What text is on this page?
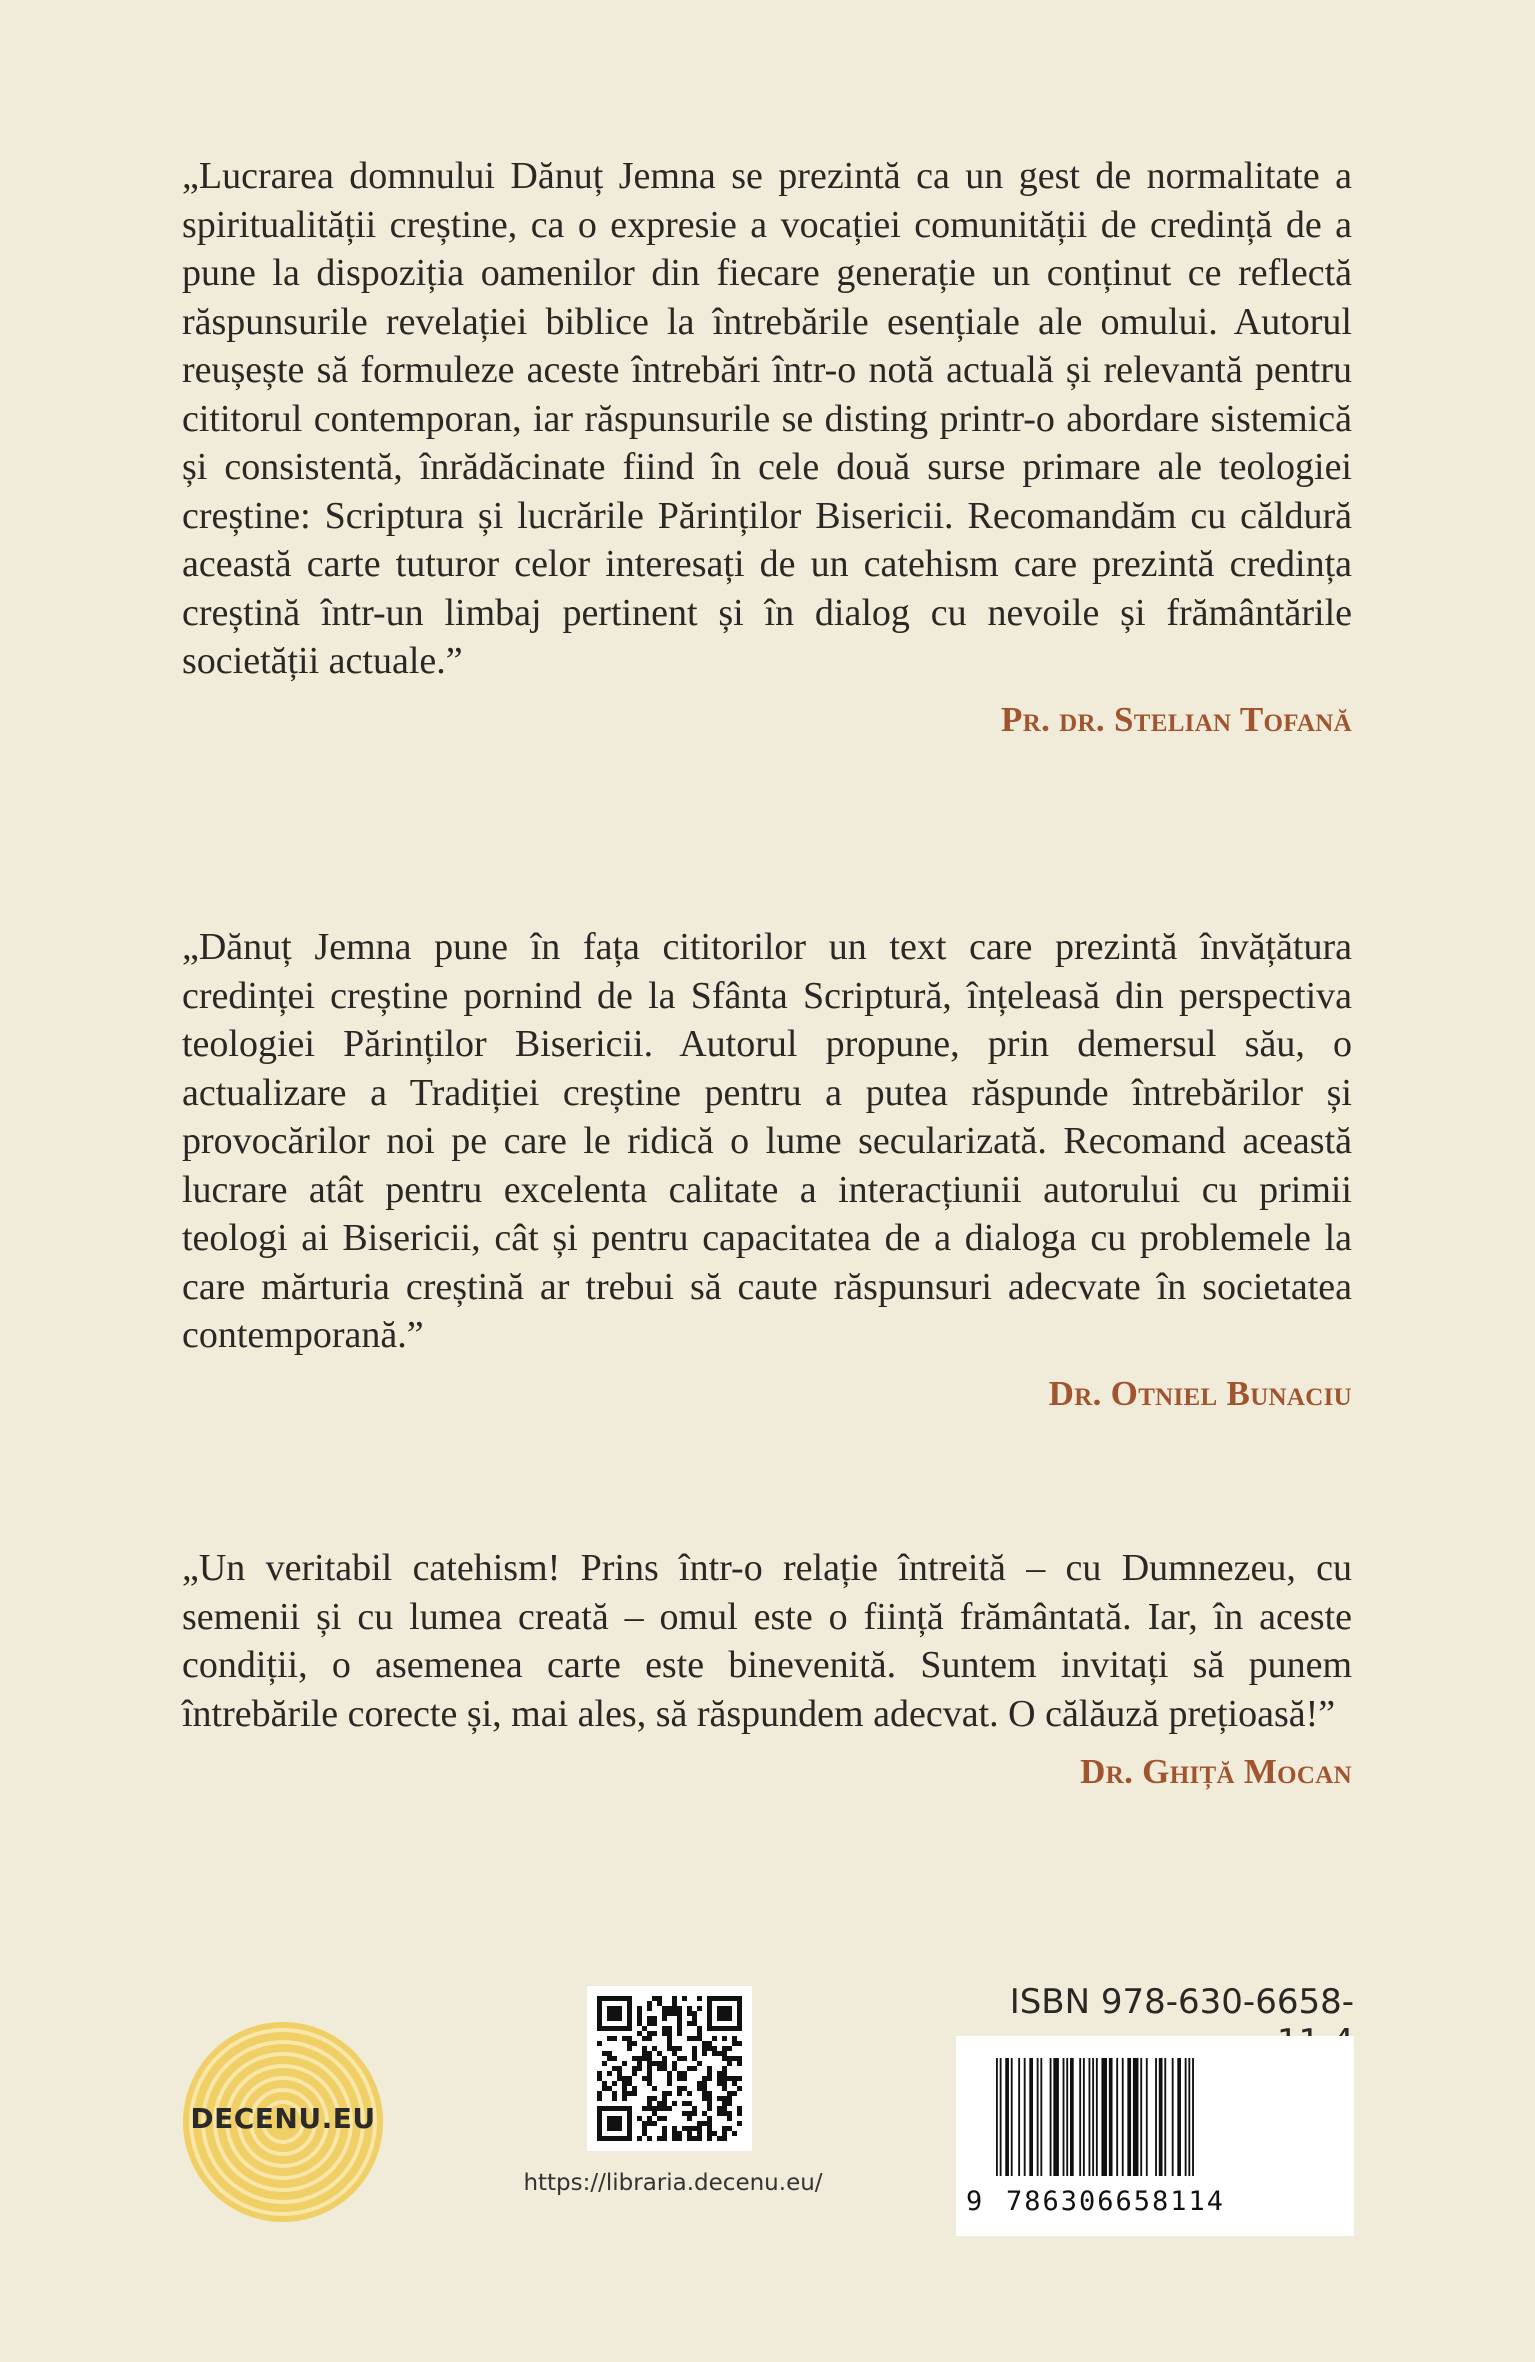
„Lucrarea domnului Dănuț Jemna se prezintă ca un gest de normalitate a spiritualității creștine, ca o expresie a vocației comunității de credință de a pune la dispoziția oamenilor din fiecare generație un conținut ce reflectă răspunsurile revelației biblice la întrebările esențiale ale omului. Autorul reușește să formuleze aceste întrebări într-o notă actuală și relevantă pentru cititorul contemporan, iar răspunsurile se disting printr-o abordare sistemică și consistentă, înrădăcinate fiind în cele două surse primare ale teologiei creștine: Scriptura și lucrările Părinților Bisericii. Recomandăm cu căldură această carte tuturor celor interesați de un catehism care prezintă credința creștină într-un limbaj pertinent și în dialog cu nevoile și frământările societății actuale.”

Pr. dr. Stelian Tofană

„Dănuț Jemna pune în fața cititorilor un text care prezintă învățătura credinței creștine pornind de la Sfânta Scriptură, înțeleasă din perspectiva teologiei Părinților Bisericii. Autorul propune, prin demersul său, o actualizare a Tradiției creștine pentru a putea răspunde întrebărilor și provocărilor noi pe care le ridică o lume secularizată. Recomand această lucrare atât pentru excelenta calitate a interacțiunii autorului cu primii teologi ai Bisericii, cât și pentru capacitatea de a dialoga cu problemele la care mărturia creștină ar trebui să caute răspunsuri adecvate în societatea contemporană.”

Dr. Otniel Bunaciu

„Un veritabil catehism! Prins într-o relație întreită – cu Dumnezeu, cu semenii și cu lumea creată – omul este o ființă frământată. Iar, în aceste condiții, o asemenea carte este binevenită. Suntem invitați să punem întrebările corecte și, mai ales, să răspundem adecvat. O călăuză prețioasă!”

Dr. Ghiță Mocan
DECENU.EU
https://libraria.decenu.eu/
ISBN 978-630-6658-
9 786306658114
